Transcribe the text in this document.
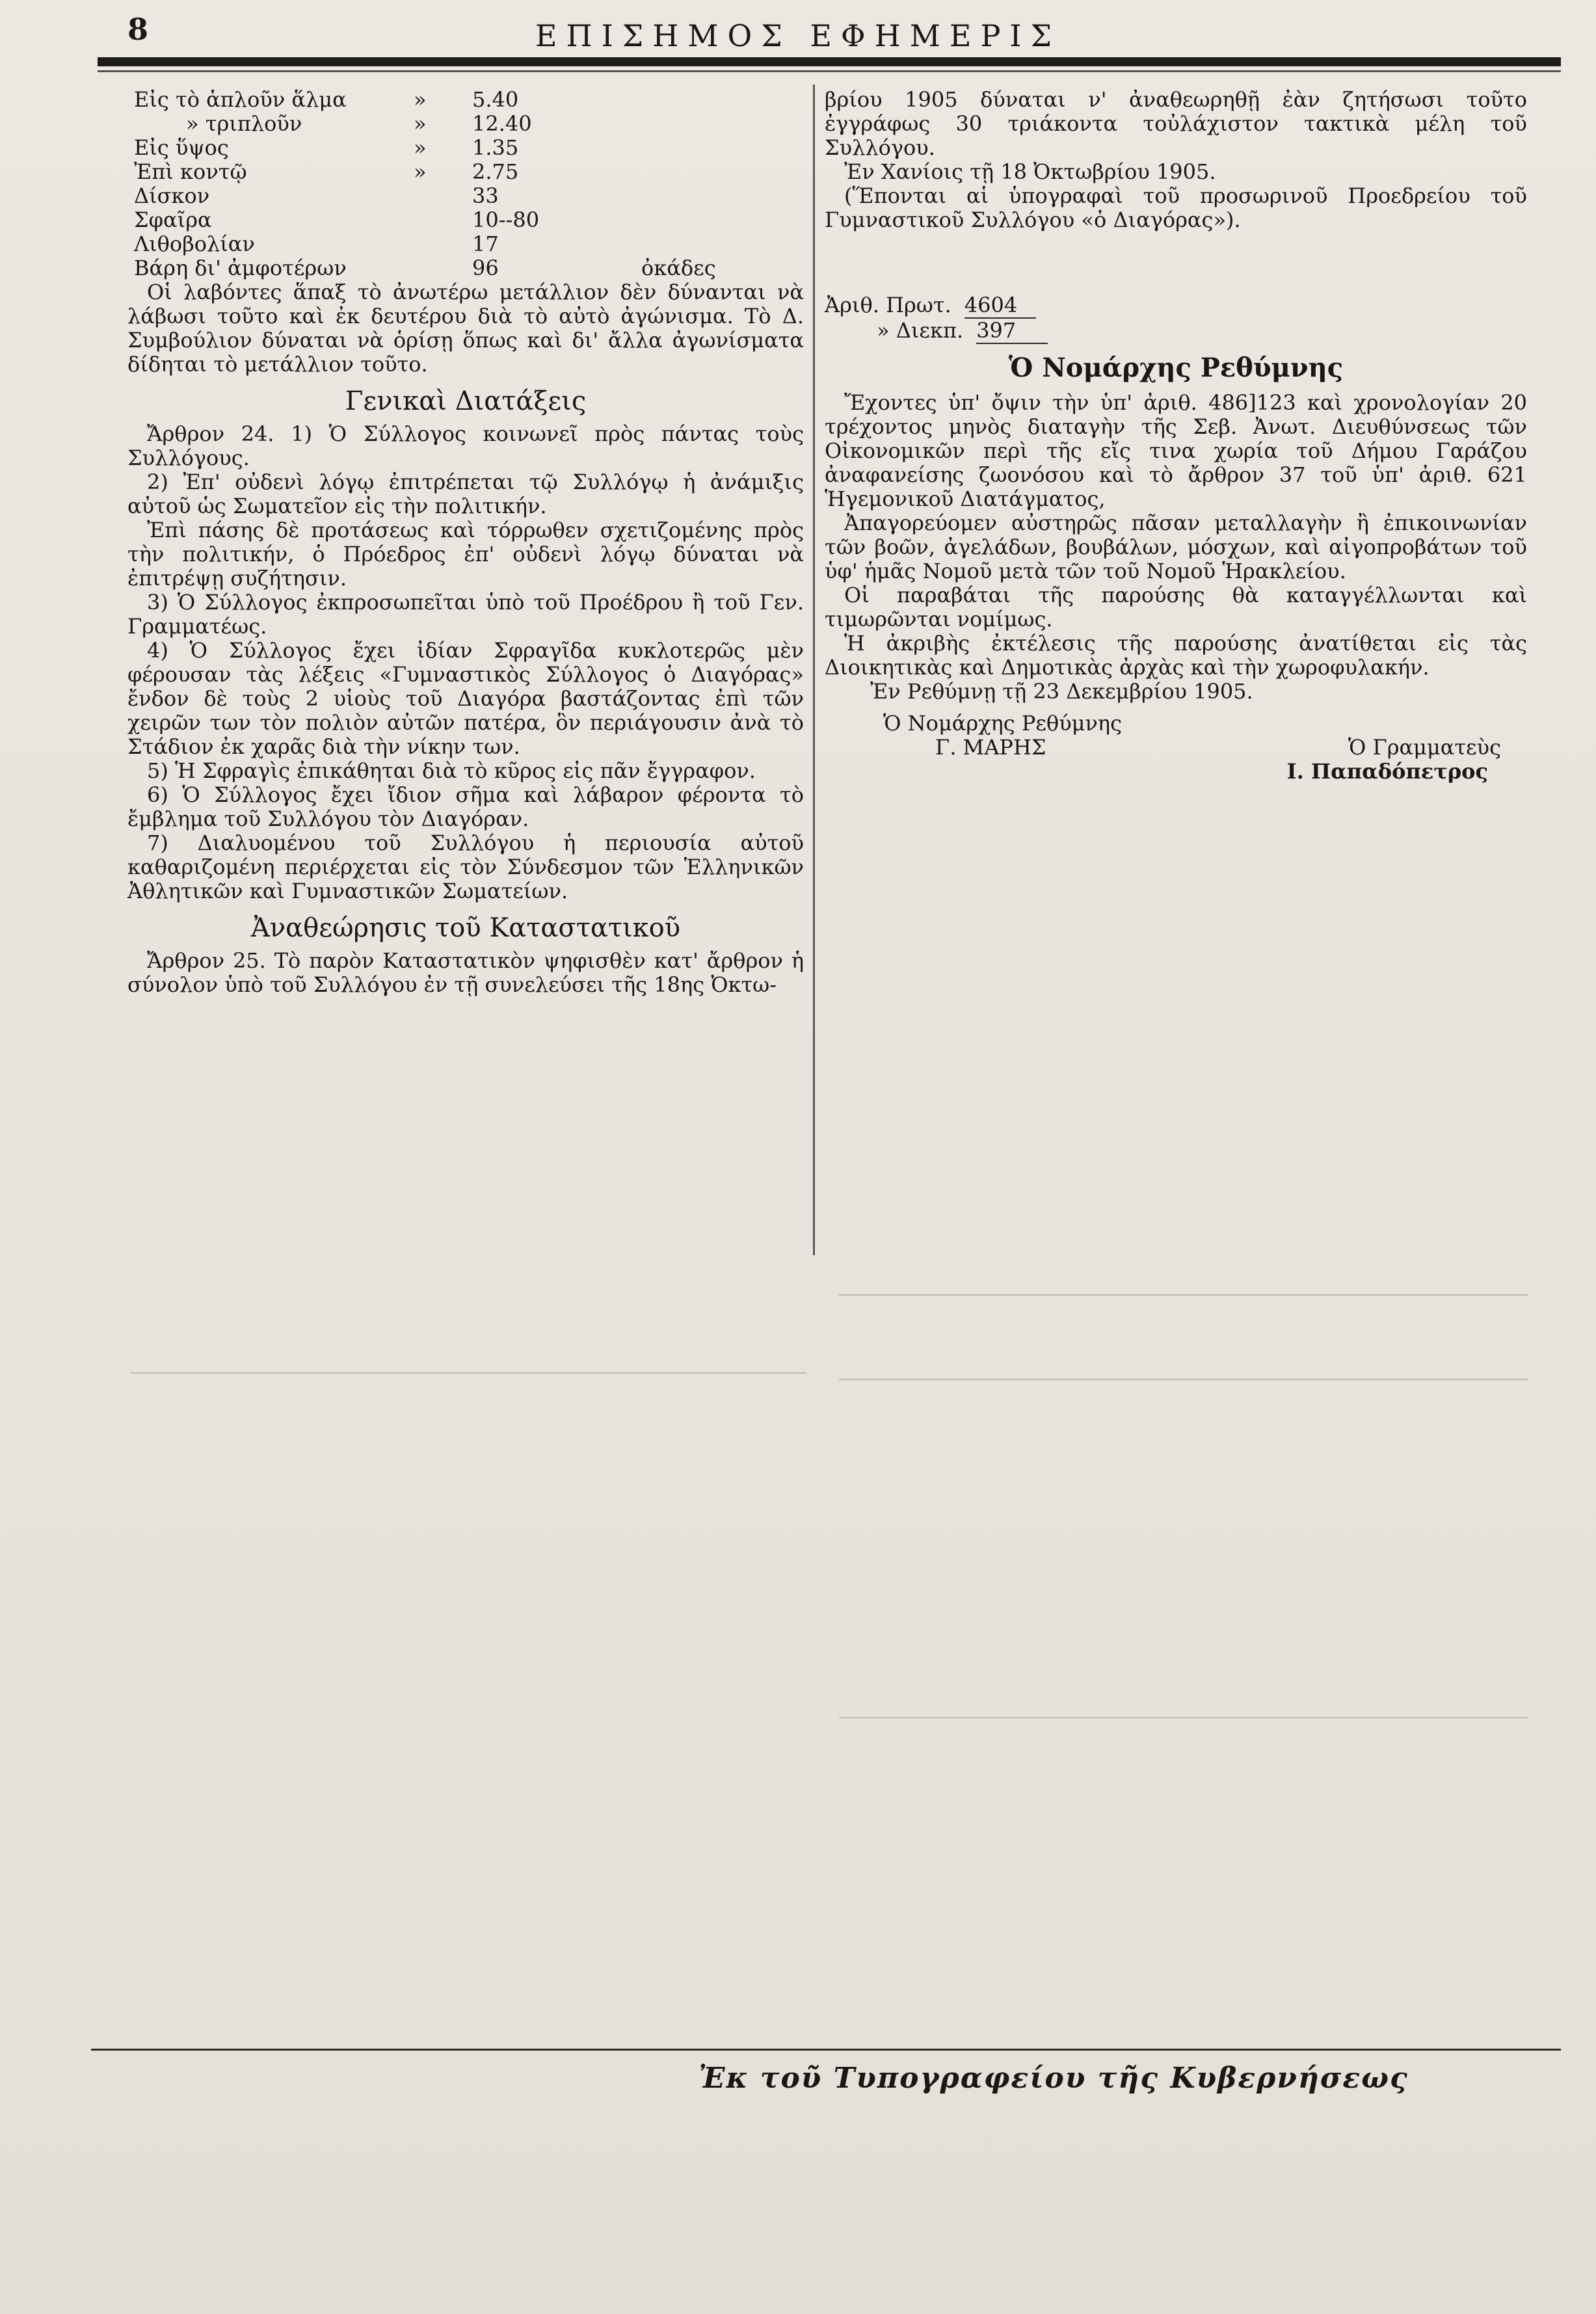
8	ΕΠΙΣΗΜΟΣ ΕΦΗΜΕΡΙΣ
Εἰς τὸ ἁπλοῦν ἅλμα	»	5.40
» τριπλοῦν	»	12.40
Εἰς ὕψος	»	1.35
Ἐπὶ κοντῷ	»	2.75
Δίσκον	33
Σφαῖρα	10--80
Λιθοβολίαν	17
Βάρη δι' ἀμφοτέρων	96	ὀκάδες

Οἱ λαβόντες ἅπαξ τὸ ἀνωτέρω μετάλλιον δὲν δύνανται νὰ λάβωσι τοῦτο καὶ ἐκ δευτέρου διὰ τὸ αὐτὸ ἀγώνισμα. Τὸ Δ. Συμβούλιον δύναται νὰ ὁρίσῃ ὅπως καὶ δι' ἄλλα ἀγωνίσματα δίδηται τὸ μετάλλιον τοῦτο.

Γενικαὶ Διατάξεις

Ἄρθρον 24. 1) Ὁ Σύλλογος κοινωνεῖ πρὸς πάντας τοὺς Συλλόγους.

2) Ἐπ' οὐδενὶ λόγῳ ἐπιτρέπεται τῷ Συλλόγῳ ἡ ἀνάμιξις αὐτοῦ ὡς Σωματεῖον εἰς τὴν πολιτικήν.

Ἐπὶ πάσης δὲ προτάσεως καὶ τόρρωθεν σχετιζομένης πρὸς τὴν πολιτικήν, ὁ Πρόεδρος ἐπ' οὐδενὶ λόγῳ δύναται νὰ ἐπιτρέψῃ συζήτησιν.

3) Ὁ Σύλλογος ἐκπροσωπεῖται ὑπὸ τοῦ Προέδρου ἢ τοῦ Γεν. Γραμματέως.

4) Ὁ Σύλλογος ἔχει ἰδίαν Σφραγῖδα κυκλοτερῶς μὲν φέρουσαν τὰς λέξεις «Γυμναστικὸς Σύλλογος ὁ Διαγόρας» ἔνδον δὲ τοὺς 2 υἱοὺς τοῦ Διαγόρα βαστάζοντας ἐπὶ τῶν χειρῶν των τὸν πολιὸν αὐτῶν πατέρα, ὃν περιάγουσιν ἀνὰ τὸ Στάδιον ἐκ χαρᾶς διὰ τὴν νίκην των.

5) Ἡ Σφραγὶς ἐπικάθηται διὰ τὸ κῦρος εἰς πᾶν ἔγγραφον.

6) Ὁ Σύλλογος ἔχει ἴδιον σῆμα καὶ λάβαρον φέροντα τὸ ἔμβλημα τοῦ Συλλόγου τὸν Διαγόραν.

7) Διαλυομένου τοῦ Συλλόγου ἡ περιουσία αὐτοῦ καθαριζομένη περιέρχεται εἰς τὸν Σύνδεσμον τῶν Ἑλληνικῶν Ἀθλητικῶν καὶ Γυμναστικῶν Σωματείων.

Ἀναθεώρησις τοῦ Καταστατικοῦ

Ἄρθρον 25. Τὸ παρὸν Καταστατικὸν ψηφισθὲν κατ' ἄρθρον ἡ σύνολον ὑπὸ τοῦ Συλλόγου ἐν τῇ συνελεύσει τῆς 18ης Ὀκτω-

βρίου 1905 δύναται ν' ἀναθεωρηθῇ ἐὰν ζητήσωσι τοῦτο ἐγγράφως 30 τριάκοντα τοὐλάχιστον τακτικὰ μέλη τοῦ Συλλόγου.

Ἐν Χανίοις τῇ 18 Ὀκτωβρίου 1905.

(Ἕπονται αἱ ὑπογραφαὶ τοῦ προσωρινοῦ Προεδρείου τοῦ Γυμναστικοῦ Συλλόγου «ὁ Διαγόρας»).

Ἀριθ. Πρωτ. 4604
» Διεκπ. 397
Ὁ Νομάρχης Ρεθύμνης

Ἔχοντες ὑπ' ὄψιν τὴν ὑπ' ἀριθ. 486]123 καὶ χρονολογίαν 20 τρέχοντος μηνὸς διαταγὴν τῆς Σεβ. Ἀνωτ. Διευθύνσεως τῶν Οἰκονομικῶν περὶ τῆς εἴς τινα χωρία τοῦ Δήμου Γαράζου ἀναφανείσης ζωονόσου καὶ τὸ ἄρθρον 37 τοῦ ὑπ' ἀριθ. 621 Ἡγεμονικοῦ Διατάγματος,

Ἀπαγορεύομεν αὐστηρῶς πᾶσαν μεταλλαγὴν ἢ ἐπικοινωνίαν τῶν βοῶν, ἀγελάδων, βουβάλων, μόσχων, καὶ αἰγοπροβάτων τοῦ ὑφ' ἡμᾶς Νομοῦ μετὰ τῶν τοῦ Νομοῦ Ἡρακλείου.

Οἱ παραβάται τῆς παρούσης θὰ καταγγέλλωνται καὶ τιμωρῶνται νομίμως.

Ἡ ἀκριβὴς ἐκτέλεσις τῆς παρούσης ἀνατίθεται εἰς τὰς Διοικητικὰς καὶ Δημοτικὰς ἀρχὰς καὶ τὴν χωροφυλακήν.

Ἐν Ρεθύμνῃ τῇ 23 Δεκεμβρίου 1905.

Ὁ Νομάρχης Ρεθύμνης
Γ. ΜΑΡΗΣ	Ὁ Γραμματεὺς
Ι. Παπαδόπετρος
Ἐκ τοῦ Τυπογραφείου τῆς Κυβερνήσεως
